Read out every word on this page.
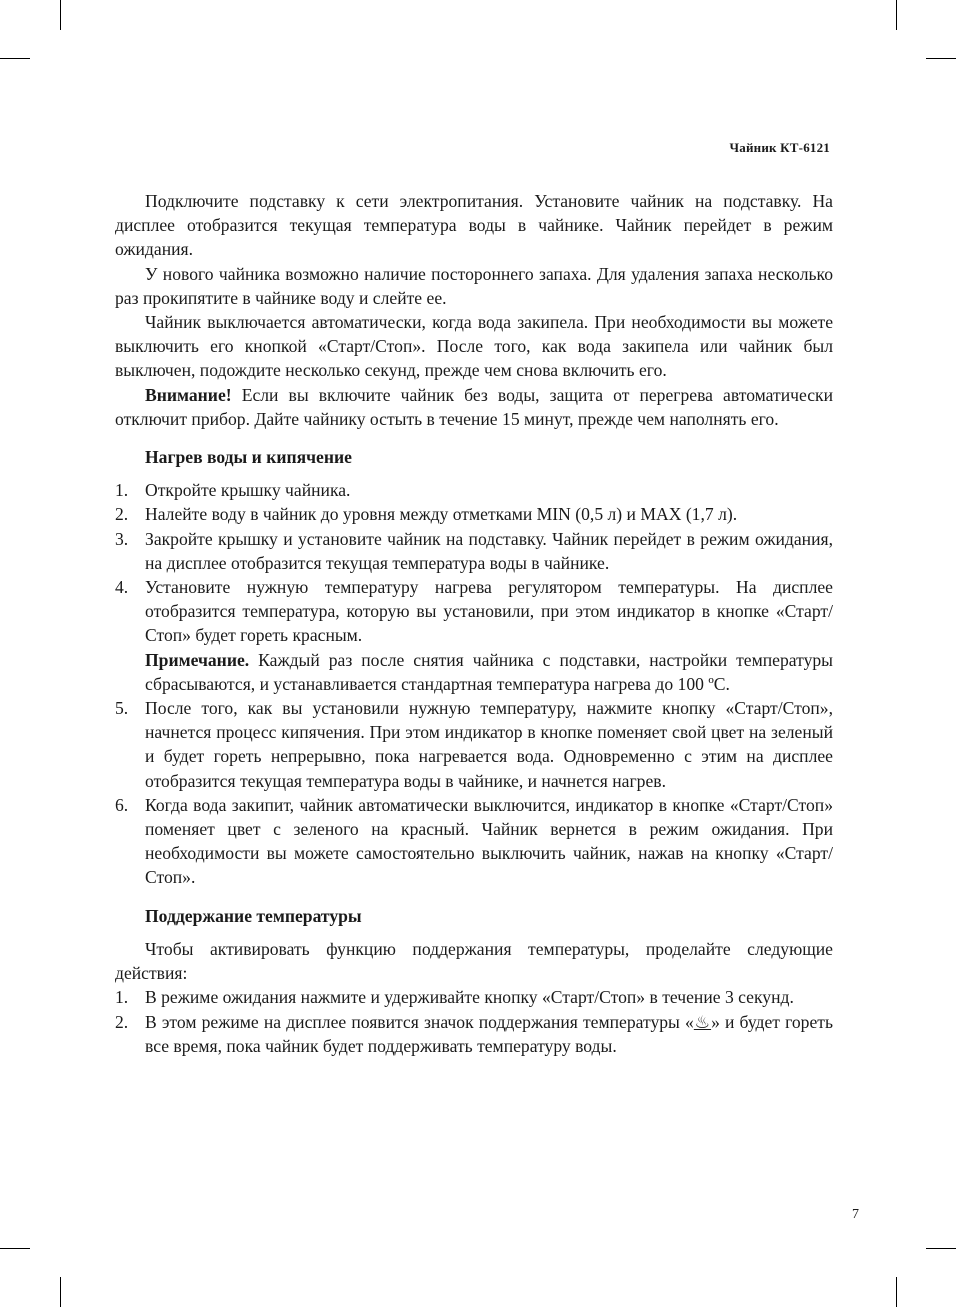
Чайник КТ-6121

Подключите подставку к сети электропитания. Установите чайник на подставку. На дисплее отобразится текущая температура воды в чайнике. Чайник перейдет в режим ожидания.

У нового чайника возможно наличие постороннего запаха. Для удаления запаха несколько раз прокипятите в чайнике воду и слейте ее.

Чайник выключается автоматически, когда вода закипела. При необходимости вы можете выключить его кнопкой «Старт/Стоп». После того, как вода закипела или чайник был выключен, подождите несколько секунд, прежде чем снова включить его.

Внимание! Если вы включите чайник без воды, защита от перегрева автоматически отключит прибор. Дайте чайнику остыть в течение 15 минут, прежде чем наполнять его.

Нагрев воды и кипячение
1. Откройте крышку чайника.
2. Налейте воду в чайник до уровня между отметками MIN (0,5 л) и MAX (1,7 л).
3. Закройте крышку и установите чайник на подставку. Чайник перейдет в режим ожидания, на дисплее отобразится текущая температура воды в чайнике.
4. Установите нужную температуру нагрева регулятором температуры. На дисплее отобразится температура, которую вы установили, при этом индикатор в кнопке «Старт/Стоп» будет гореть красным.
Примечание. Каждый раз после снятия чайника с подставки, настройки температуры сбрасываются, и устанавливается стандартная температура нагрева до 100 ºС.
5. После того, как вы установили нужную температуру, нажмите кнопку «Старт/Стоп», начнется процесс кипячения. При этом индикатор в кнопке поменяет свой цвет на зеленый и будет гореть непрерывно, пока нагревается вода. Одновременно с этим на дисплее отобразится текущая температура воды в чайнике, и начнется нагрев.
6. Когда вода закипит, чайник автоматически выключится, индикатор в кнопке «Старт/Стоп» поменяет цвет с зеленого на красный. Чайник вернется в режим ожидания. При необходимости вы можете самостоятельно выключить чайник, нажав на кнопку «Старт/Стоп».
Поддержание температуры

Чтобы активировать функцию поддержания температуры, проделайте следующие действия:

1. В режиме ожидания нажмите и удерживайте кнопку «Старт/Стоп» в течение 3 секунд.
2. В этом режиме на дисплее появится значок поддержания температуры «♨» и будет гореть все время, пока чайник будет поддерживать температуру воды.
7
